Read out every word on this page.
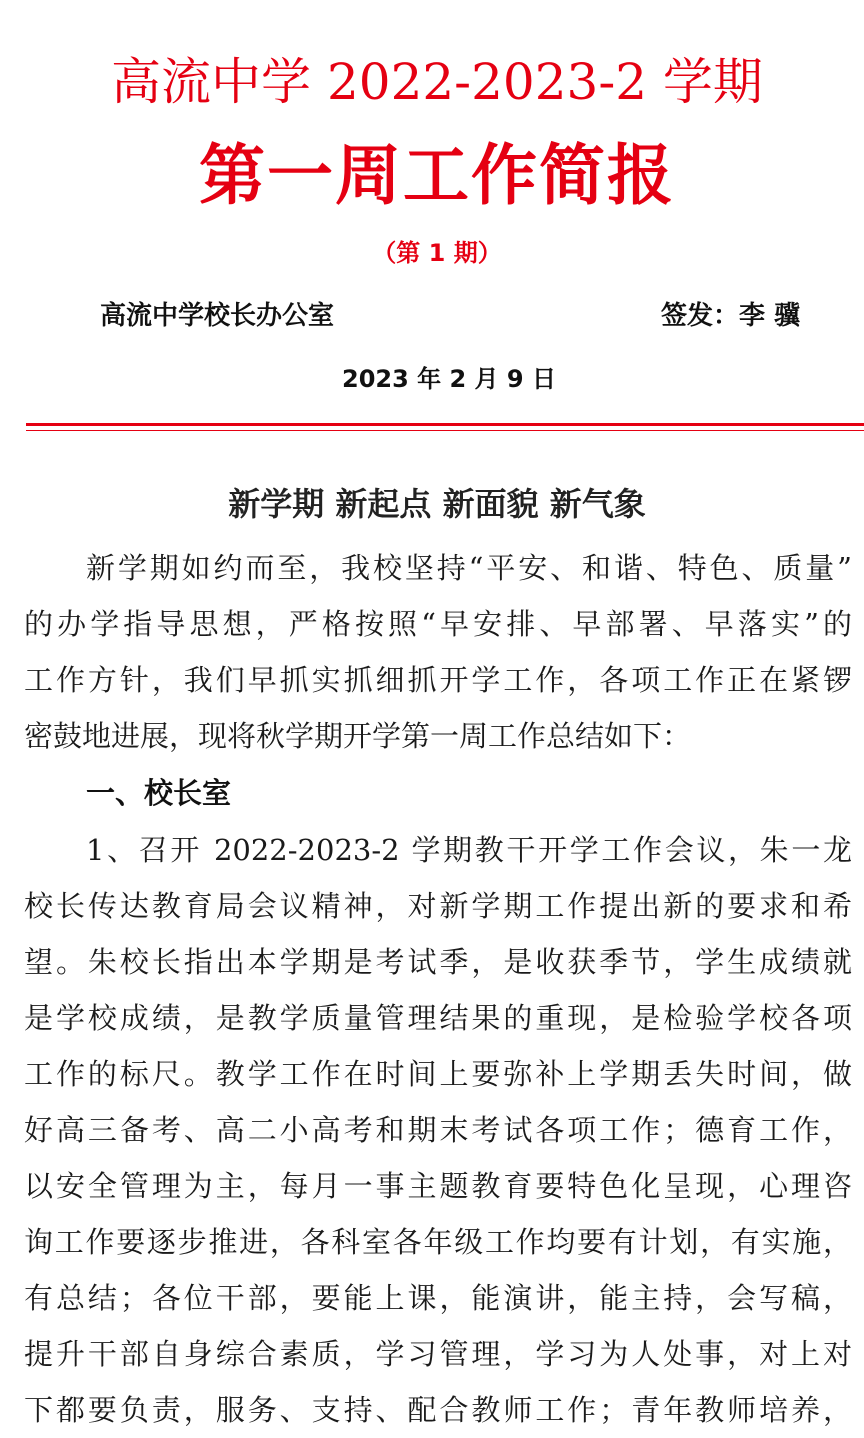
高流中学 2022-2023-2 学期
第一周工作简报
（第 1 期）
高流中学校长办公室	签发：李 骥
2023 年 2 月 9 日
新学期 新起点 新面貌 新气象
新学期如约而至，我校坚持“平安、和谐、特色、质量”
的办学指导思想，严格按照“早安排、早部署、早落实”的
工作方针，我们早抓实抓细抓开学工作，各项工作正在紧锣
密鼓地进展，现将秋学期开学第一周工作总结如下：
一、校长室
1、召开 2022-2023-2 学期教干开学工作会议，朱一龙
校长传达教育局会议精神，对新学期工作提出新的要求和希
望。朱校长指出本学期是考试季，是收获季节，学生成绩就
是学校成绩，是教学质量管理结果的重现，是检验学校各项
工作的标尺。教学工作在时间上要弥补上学期丢失时间，做
好高三备考、高二小高考和期末考试各项工作；德育工作，
以安全管理为主，每月一事主题教育要特色化呈现，心理咨
询工作要逐步推进，各科室各年级工作均要有计划，有实施，
有总结；各位干部，要能上课，能演讲，能主持，会写稿，
提升干部自身综合素质，学习管理，学习为人处事，对上对
下都要负责，服务、支持、配合教师工作；青年教师培养，
